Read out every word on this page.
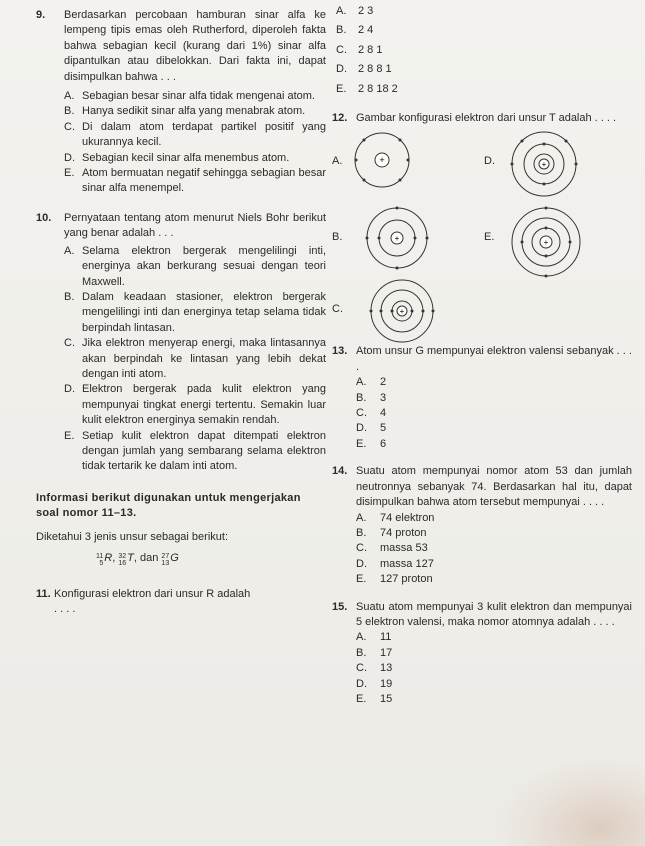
9. Berdasarkan percobaan hamburan sinar alfa ke lempeng tipis emas oleh Rutherford, diperoleh fakta bahwa sebagian kecil (kurang dari 1%) sinar alfa dipantulkan atau dibelokkan. Dari fakta ini, dapat disimpulkan bahwa . . .
A. Sebagian besar sinar alfa tidak mengenai atom.
B. Hanya sedikit sinar alfa yang menabrak atom.
C. Di dalam atom terdapat partikel positif yang ukurannya kecil.
D. Sebagian kecil sinar alfa menembus atom.
E. Atom bermuatan negatif sehingga sebagian besar sinar alfa menempel.
10. Pernyataan tentang atom menurut Niels Bohr berikut yang benar adalah . . .
A. Selama elektron bergerak mengelilingi inti, energinya akan berkurang sesuai dengan teori Maxwell.
B. Dalam keadaan stasioner, elektron bergerak mengelilingi inti dan energinya tetap selama tidak berpindah lintasan.
C. Jika elektron menyerap energi, maka lintasannya akan berpindah ke lintasan yang lebih dekat dengan inti atom.
D. Elektron bergerak pada kulit elektron yang mempunyai tingkat energi tertentu. Semakin luar kulit elektron energinya semakin rendah.
E. Setiap kulit elektron dapat ditempati elektron dengan jumlah yang sembarang selama elektron tidak tertarik ke dalam inti atom.
Informasi berikut digunakan untuk mengerjakan soal nomor 11–13.
Diketahui 3 jenis unsur sebagai berikut:
11
5 R, 32
16 T, dan 27
13 G
11. Konfigurasi elektron dari unsur R adalah
. . . .
A. 2 3
B. 2 4
C. 2 8 1
D. 2 8 8 1
E. 2 8 18 2
12. Gambar konfigurasi elektron dari unsur T adalah . . . .
A.	+	D.	+
B.	+	E.	+
C.	+
13. Atom unsur G mempunyai elektron valensi sebanyak . . . .
A. 2
B. 3
C. 4
D. 5
E. 6
14. Suatu atom mempunyai nomor atom 53 dan jumlah neutronnya sebanyak 74. Berdasarkan hal itu, dapat disimpulkan bahwa atom tersebut mempunyai . . . .
A. 74 elektron
B. 74 proton
C. massa 53
D. massa 127
E. 127 proton
15. Suatu atom mempunyai 3 kulit elektron dan mempunyai 5 elektron valensi, maka nomor atomnya adalah . . . .
A. 11
B. 17
C. 13
D. 19
E. 15
